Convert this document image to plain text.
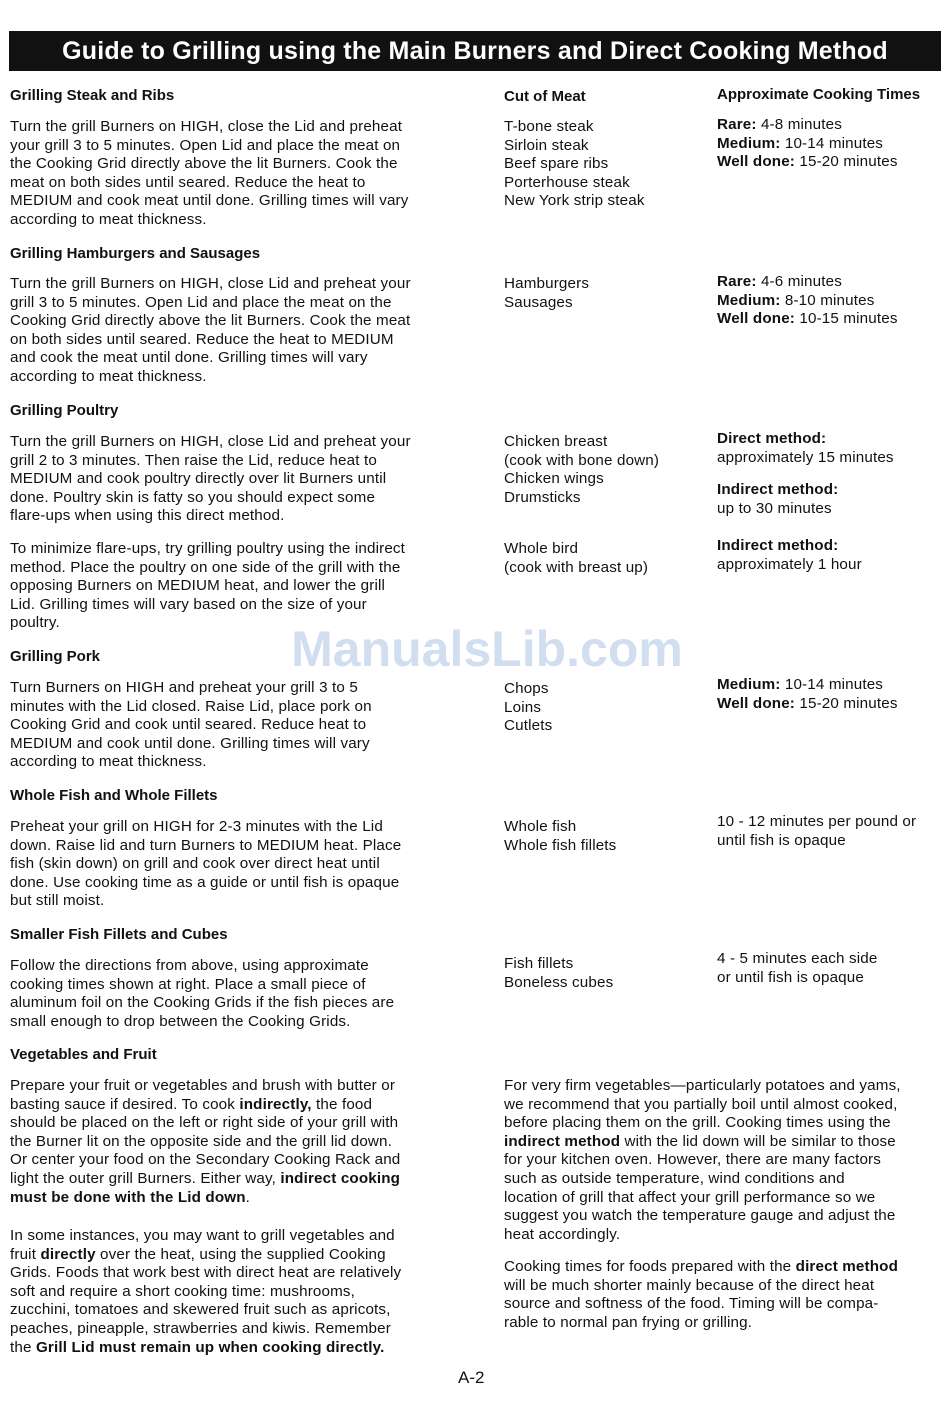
Guide to Grilling using the Main Burners and Direct Cooking Method
Grilling Steak and Ribs	Cut of Meat	Approximate Cooking Times
Turn the grill Burners on HIGH, close the Lid and preheat
your grill 3 to 5 minutes. Open Lid and place the meat on
the Cooking Grid directly above the lit Burners. Cook the
meat on both sides until seared. Reduce the heat to
MEDIUM and cook meat until done. Grilling times will vary
according to meat thickness.
T-bone steak
Sirloin steak
Beef spare ribs
Porterhouse steak
New York strip steak
Rare: 4-8 minutes
Medium: 10-14 minutes
Well done: 15-20 minutes
Grilling Hamburgers and Sausages
Turn the grill Burners on HIGH, close Lid and preheat your
grill 3 to 5 minutes. Open Lid and place the meat on the
Cooking Grid directly above the lit Burners. Cook the meat
on both sides until seared. Reduce the heat to MEDIUM
and cook the meat until done. Grilling times will vary
according to meat thickness.
Hamburgers
Sausages
Rare: 4-6 minutes
Medium: 8-10 minutes
Well done: 10-15 minutes
Grilling Poultry
Turn the grill Burners on HIGH, close Lid and preheat your
grill 2 to 3 minutes. Then raise the Lid, reduce heat to
MEDIUM and cook poultry directly over lit Burners until
done. Poultry skin is fatty so you should expect some
flare-ups when using this direct method.
Chicken breast
(cook with bone down)
Chicken wings
Drumsticks
Direct method:
approximately 15 minutes
Indirect method:
up to 30 minutes
To minimize flare-ups, try grilling poultry using the indirect
method. Place the poultry on one side of the grill with the
opposing Burners on MEDIUM heat, and lower the grill
Lid. Grilling times will vary based on the size of your
poultry.
Whole bird
(cook with breast up)
Indirect method:
approximately 1 hour
ManualsLib.com
Grilling Pork
Turn Burners on HIGH and preheat your grill 3 to 5
minutes with the Lid closed. Raise Lid, place pork on
Cooking Grid and cook until seared. Reduce heat to
MEDIUM and cook until done. Grilling times will vary
according to meat thickness.
Chops
Loins
Cutlets
Medium: 10-14 minutes
Well done: 15-20 minutes
Whole Fish and Whole Fillets
Preheat your grill on HIGH for 2-3 minutes with the Lid
down. Raise lid and turn Burners to MEDIUM heat. Place
fish (skin down) on grill and cook over direct heat until
done. Use cooking time as a guide or until fish is opaque
but still moist.
Whole fish
Whole fish fillets
10 - 12 minutes per pound or
until fish is opaque
Smaller Fish Fillets and Cubes
Follow the directions from above, using approximate
cooking times shown at right. Place a small piece of
aluminum foil on the Cooking Grids if the fish pieces are
small enough to drop between the Cooking Grids.
Fish fillets
Boneless cubes
4 - 5 minutes each side
or until fish is opaque
Vegetables and Fruit
Prepare your fruit or vegetables and brush with butter or
basting sauce if desired. To cook indirectly, the food
should be placed on the left or right side of your grill with
the Burner lit on the opposite side and the grill lid down.
Or center your food on the Secondary Cooking Rack and
light the outer grill Burners. Either way, indirect cooking
must be done with the Lid down.
In some instances, you may want to grill vegetables and
fruit directly over the heat, using the supplied Cooking
Grids. Foods that work best with direct heat are relatively
soft and require a short cooking time: mushrooms,
zucchini, tomatoes and skewered fruit such as apricots,
peaches, pineapple, strawberries and kiwis. Remember
the Grill Lid must remain up when cooking directly.
For very firm vegetables—particularly potatoes and yams,
we recommend that you partially boil until almost cooked,
before placing them on the grill. Cooking times using the
indirect method with the lid down will be similar to those
for your kitchen oven. However, there are many factors
such as outside temperature, wind conditions and
location of grill that affect your grill performance so we
suggest you watch the temperature gauge and adjust the
heat accordingly.
Cooking times for foods prepared with the direct method
will be much shorter mainly because of the direct heat
source and softness of the food. Timing will be compa-
rable to normal pan frying or grilling.
A-2
